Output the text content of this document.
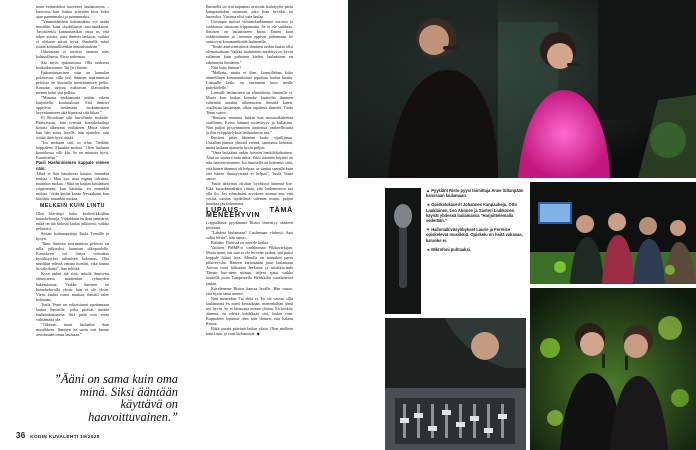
naan esimerkiksi kuorossa laulamisesta – kuorossa kun laulua yritetään hioa koko ajan paremmaksi ja paremmaksi.

”Ymmärtämisen kokemuksia voi saada musiikin kuin täydellisesti suorittaakseen. Tavoitteeksi kannattaisikin ottaa se, että tekee asioita, joita ihmiset laulavat, vaikka ei olekaan niissä hyvä. Ihmisellä mäsä riittää kohtuullisenkin ominaisuuksin.”

Oikeastaan ei tarvitse ominaa edes kohtuullisesti, Risto tarkentaa.

Saa myös epäonnistua. Olla rauhassa keskinkertainen. Tai (ei) huono.

Epäonnistumisen vain on kamalan pelottavaa, sillä (ns) ihmisen suurimmista peloista on kuvitella menettämisen pelko. Karaoke tarjoaa mahtavan tilaisuuden mennä kohti sitä pelkoa.

”Minusta mokaamista pitäisi oikein harjoitella, koulutuksiin. Että ihmiset oppisivat sietämään mokaamiseen keyentamiseen tätä hipeässä sitä liikaa.”

El Risiokaan silti hurvilnsen mokaile. Päinvastoin, hän tvemaa karaokelauluja kotona alkerranti etukäteen. Mutta sitten kun hän astuu lavalle, hän ajattelee, että riittää ihan hyvä riittää.

”Jos mokaan sitä, so what. Tiedätte kappaleen. Muutkin mokaa.” Olen laulanut karaokessa villi kin. Se on minusta hyvä. Kaunistelee.”

Pauli Hashinniemen kappale menee näin:

Tähtä ei ilon hauakessa karaoa, muunkin mokaa. / Muu saa, muu nigaaa cultistaa, muunkin mokaa. / Sikä on kaipaa kiitilaksen yöppomaan, kun käsitäin, ett muunkin mokaa. / ottäa kertaa koaan Nevaahaan, kun käsitäin, muunkin mokaa.

MELKEIN KUIN LINTU

Olen kiertänyt koko keskiviikkoillan karaokebaarja. Viidakkain en ihan ymmärrä, mikä on tää tärkeää laulaa julkisesti, vaikka pelottaisi.

Soitan laulunopettaja Tuula Tennille ja kysyn.

”Ihmi ihmisen suurimmista peloista on tulla julkisyksi laumaan ulkopuolelle. Karaokeen voi liittyä voimakas hyväksytyksi tulemisen kokemus. Olet musiikin edessä omana itsenäsi, eikä lauma hyväksilaitiä”, hän selittää.

Kysn onkin tää siitä, miiolä ihmisemi ohimittessa muutenkin ryhmyden hakemisenia. Vaikka ihmisen on karaokelavalla yksin, hän ei ole yksin. Vieisi laulua osnot muikaa, ihmisil ralee kehiaaan.

Tuula Tenni on erikoistunut opettamaan laulua ihmisille, jotka pitävät itseään lauluaadottomina. Sitä pitää uusi erant välttämättä ole.

”Oikeasti moni laulaakin ihan mustikkein. Ihmisen on usein tosi huono arvioimaan omaa lauluaan.”

Ihmisellä on siin taipumus arvioida laulutyylin parin kumpaaniskin suomaan, joko liian hyväksi tai huonoksi. Vissinta olisi vain laulaa.

Useimpia meistä voisimelaulaamme autossa ja suihkussa, tanssona trippumatta. Se ei ole suittinaa. Ihmisen on laulamiseen luotu. Ennen kuin osäättiniimme ja –tuimme oppivat puhumaan, he saattoivat kommunikoida laulamalla.

”Ilman äänivienistimiä ihminen tuskin laulaa olisi olemassakaan. Vaikka laulamisen merkitys on hyvin erilainen kuin puhuisen kielen, laulaminen on rakennettu ihmiseen.”

Niin kuin lintuun?

”Melkein, mutta ei ihan. Linnuillehan koko ääneellinen kommunikointi tapahtuu laulun kautta. Linnuille laulu on enemmän kuin meille puhekielelle.”

Linnulle laulaminen on elintärkeää, ihmiselle ei. Mutta kun laulan karaoke kartioilat ihminen vähentää ainakin ulkomuotoa ihmistä kuten, osallistuu laulamaan, alkaa tapahtua ihmeitä, Tuula Tenni sanoo.

”Ihmisen muuttuu lääkin kun musiaaikaleensa värillinen. Koiva hämmä torinviiyyy ja kirkastuu. Niin paljon pystyimmeten tunnettua, omkeellisiutta ja ilon ryöppätelyksiä laulamisesta saa.”

Ihmisen pitää lähteneä laulu- sijoilljansa. Uskallan pianoa ylmistä eteenä, tammetta kehtaan, mutta kukaan ajattaeta hyvin paljon.

”Oma laulaääni onkin hirveän henkilökohtainen. Ääni on saatava oma mitta. Siksi ääntään käyttää on niin haavoittuvainen. Jos ihmisellä on kokemus siitä, että hänen äänensä oli kelpaa, se tuntuu samalla kuin että hänen ihmisyytensä ei kelpaa”, Tuula Tenni sanoo.

Tuula tärkeintä olisikin hyväksyä äänensä itse. Eikä karaokemakaksi riittää, että laulamisessa saa olla ilo. Jos ryhmänäni arvokeen monua sen, että yrittää tuottaa täydellistä tulemaa mutta, paljon hauskaa jää kokematta.

LUPAUS: TÄMÄ MENEEHYVIN

Loppuillasta pyydämme Ristoa ilmeistyy saadeen pöytääni.

”Lähdetä laulamaan? Laulemaan yhdessä. Saat valita biisin”, hän sanoo.

Bahdan. Yhdessä en aravele laulua.

Valitsen PMMP:n vanhimman Pikkuvarkijan. Mutta muut, eni saat se ole hirveän vaikea, sitä paitsi kappale liittää lava. Minulla on muunkin paras piikovs-tilat. Häneen karaoaaaan juuri laulamaan Auwaa tuori kiihtaaaa herkusta ja mitätkin.mdö Tämän huo-neen minun, teljeni ajatsi vaikka keskellä joota Tampereella Helekkilin suoalaisessa jankin.

Käveleneme Riston kanssa lavalle. Hän sanoo, että hyvin tämä menee.

Niin menenkin. Tai ehkä ei. En ole varma, sillä laulamaani en mieti kertaakaan, menenköhän tämä nyt hyvin. Se ei kiinnosta minua yhtään. En keskity äänensi, en edestä kuulekaan sitä, laulan vain. Kappaleen loputtua olen niin iloinen, että halaan Ristoa.

Ehkä jonain päivänä laulan yksin. Olen melkein kuin lintu, ja värit kirkastuvat. ◆

”Ääni on sama kuin oma minä. Siksi ääntään käyttävä on haavoittuvainen.”
36 KODIN KUVALEHTI 19/2025

▲ Pyykiänt Risto pyysi toimittaja Anne Siltanpään kanssaan laulamaan.

◄ Opiskelukaverit Johannes Kanpaaheju, Otto Lauklainen, Leo Ahonen ja Santeri Liukkonen käyvät yhdessä laulamassa ”Harjoittelemalla vedetään.”

▼ Hallonaikiväsyöbykset Laurie ja Ferreice opiskelevat musiikkiä. Opiskelu on heitä vakavaa, karaoke ei.

◄ Mikrofoni puhtaaksi.
